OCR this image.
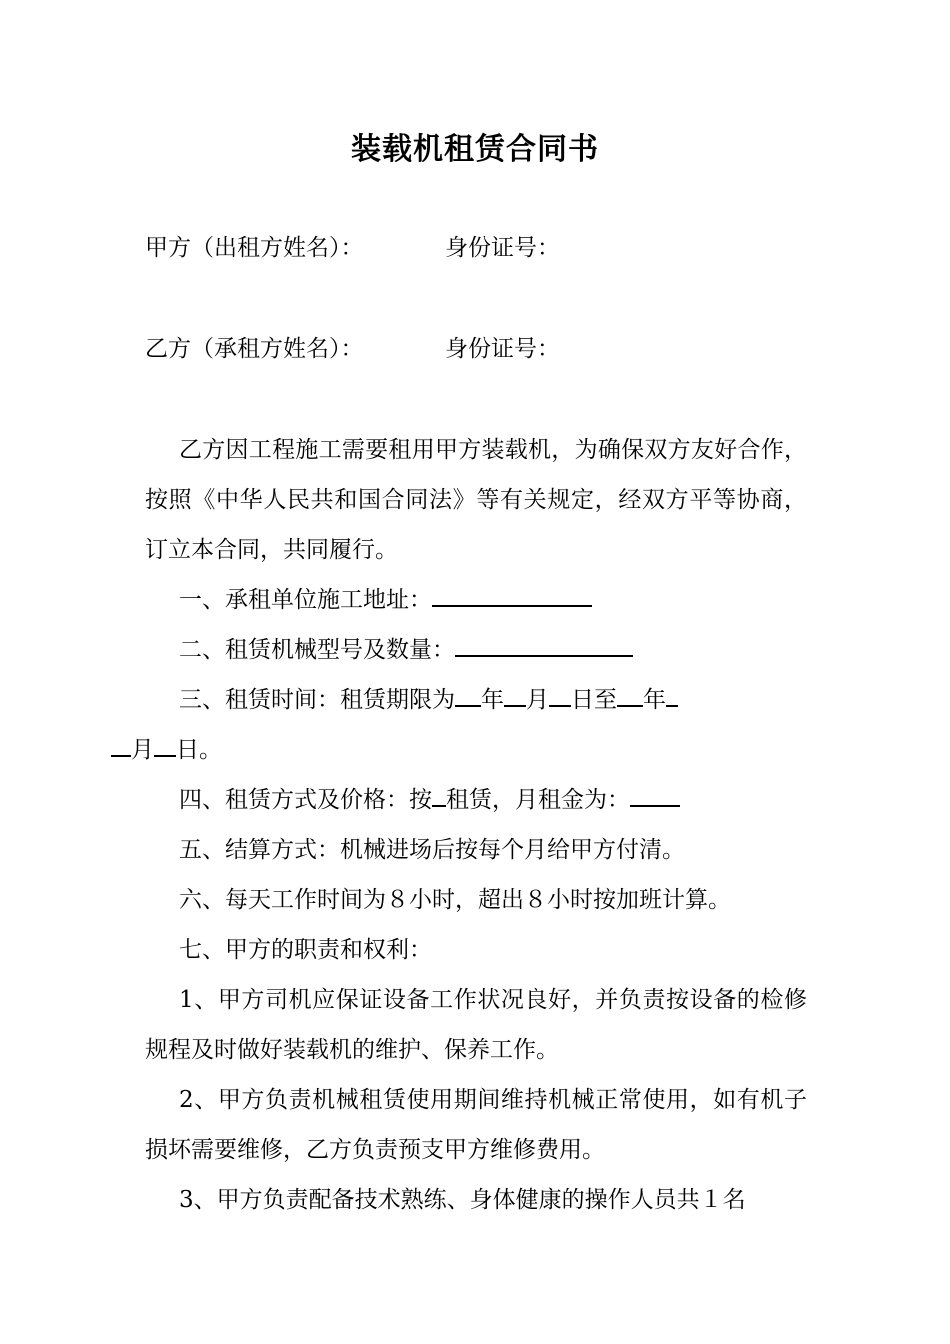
装载机租赁合同书
甲方（出租方姓名）：	身份证号：
乙方（承租方姓名）：	身份证号：

乙方因工程施工需要租用甲方装载机，为确保双方友好合作，按照《中华人民共和国合同法》等有关规定，经双方平等协商，订立本合同，共同履行。

一、承租单位施工地址：

二、租赁机械型号及数量：

三、租赁时间：租赁期限为 年 月 日至 年
月 日。

四、租赁方式及价格：按 租赁，月租金为：

五、结算方式：机械进场后按每个月给甲方付清。

六、每天工作时间为８小时，超出８小时按加班计算。

七、甲方的职责和权利：

1、甲方司机应保证设备工作状况良好，并负责按设备的检修规程及时做好装载机的维护、保养工作。

2、甲方负责机械租赁使用期间维持机械正常使用，如有机子损坏需要维修，乙方负责预支甲方维修费用。

3、甲方负责配备技术熟练、身体健康的操作人员共１名
